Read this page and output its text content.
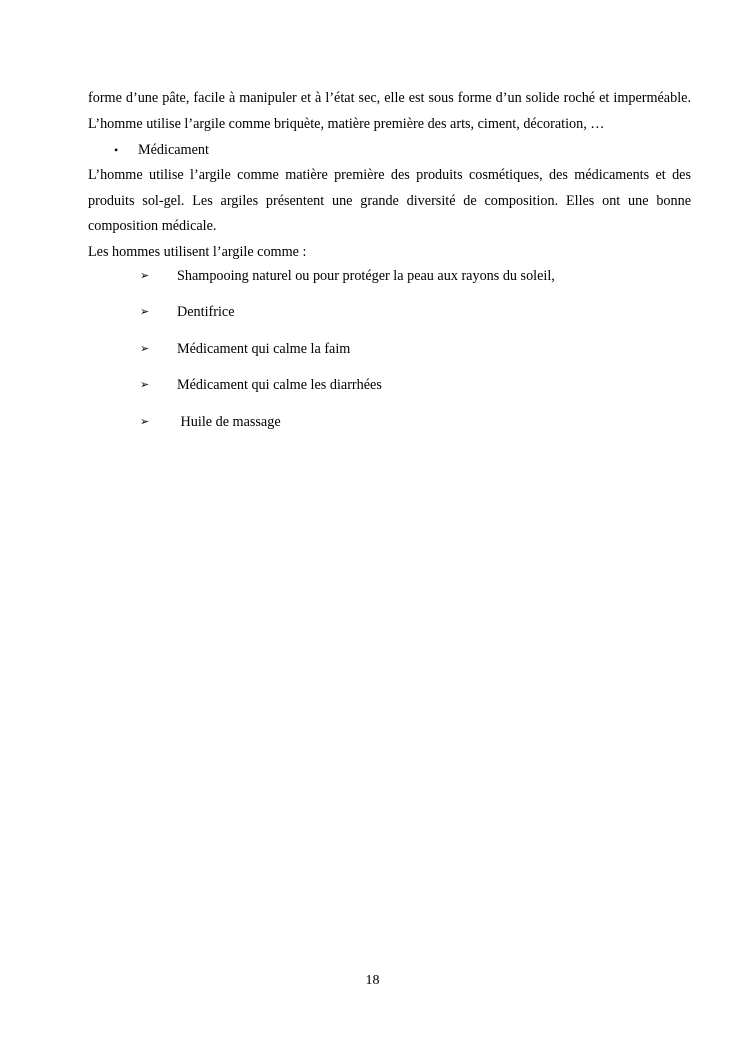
forme d’une pâte, facile à manipuler et à l’état sec, elle est sous forme d’un solide roché et imperméable. L’homme utilise l’argile comme briquète, matière première des arts, ciment, décoration, …

• Médicament

L’homme utilise l’argile comme matière première des produits cosmétiques, des médicaments et des produits sol-gel. Les argiles présentent une grande diversité de composition. Elles ont une bonne composition médicale.

Les hommes utilisent l’argile comme :
➢ Shampooing naturel ou pour protéger la peau aux rayons du soleil,
➢ Dentifrice
➢ Médicament qui calme la faim
➢ Médicament qui calme les diarrhées
➢ Huile de massage
18
